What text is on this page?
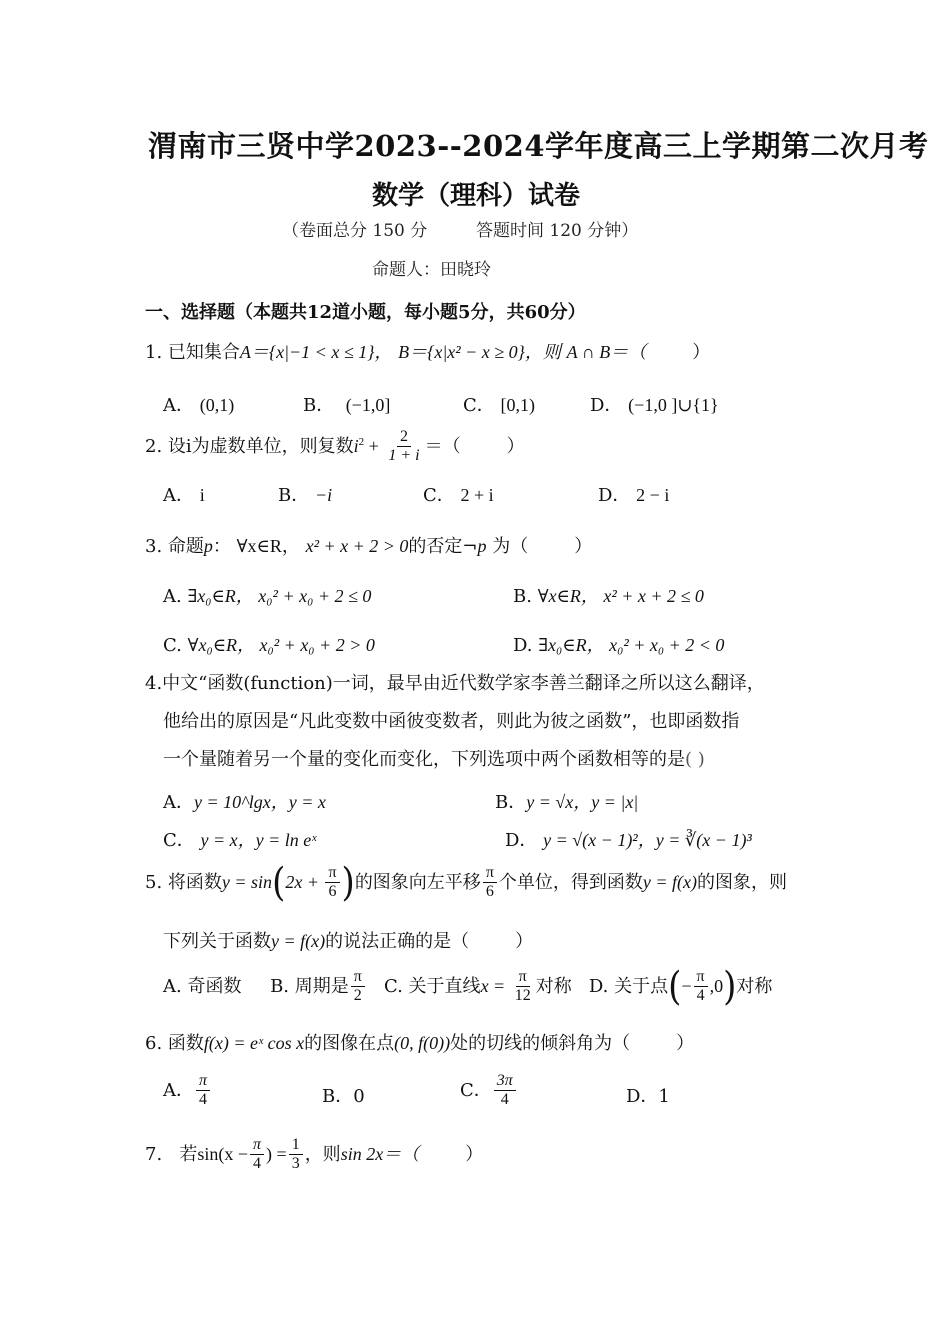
渭南市三贤中学2023--2024学年度高三上学期第二次月考
数学（理科）试卷
（卷面总分 150 分	答题时间 120 分钟）
命题人：田晓玲
一、选择题（本题共12道小题，每小题5分，共60分）
1. 已知集合A＝{x|−1 < x ≤ 1}， B＝{x|x² − x ≥ 0}，则 A ∩ B＝（	）
A． (0,1)	B． (−1,0]	C． [0,1)	D． (−1,0 ]∪{1}
2. 设i为虚数单位，则复数$i^2 + \frac{2}{1 + i}$ ＝（	）
A． i	B． −i	C． 2 + i	D． 2 − i
3. 命题p： ∀x∈R， x² + x + 2 > 0的否定¬p 为（	）
A. ∃x₀∈R， x₀² + x₀ + 2 ≤ 0	B. ∀x∈R， x² + x + 2 ≤ 0
C. ∀x₀∈R， x₀² + x₀ + 2 > 0	D. ∃x₀∈R， x₀² + x₀ + 2 < 0
4.中文“函数(function)一词，最早由近代数学家李善兰翻译之所以这么翻译，
他给出的原因是“凡此变数中函彼变数者，则此为彼之函数”，也即函数指
一个量随着另一个量的变化而变化，下列选项中两个函数相等的是( )
A．y = 10^lgx，y = x	B．y = √x，y = |x|
C． y = x，y = ln eˣ	D． y = √(x − 1)²，y = ∛(x − 1)³
5. 将函数$y = \sin(2x + \frac{\pi}{6}$ )的图象向左平移 $\frac{\pi}{6}$ 个单位，得到函数y = f(x)的图象，则
下列关于函数y = f(x)的说法正确的是（	）
A. 奇函数 B. 周期是 $\frac{\pi}{2} C$. 关于直线$x = \frac{\pi}{12}$ 对称 D. 关于点(− $\frac{\pi}{4} ,0$)对称
6. 函数f(x) = eˣ cos x的图像在点(0, f(0))处的切线的倾斜角为（	）
A． $\frac{\pi}{4}$	B．0	C． $\frac{3\pi}{4}$	D．1
7. 若$\sin(x - \frac{\pi}{4}$ ) = $\frac{1}{3}$ ，则sin 2x＝（	）
